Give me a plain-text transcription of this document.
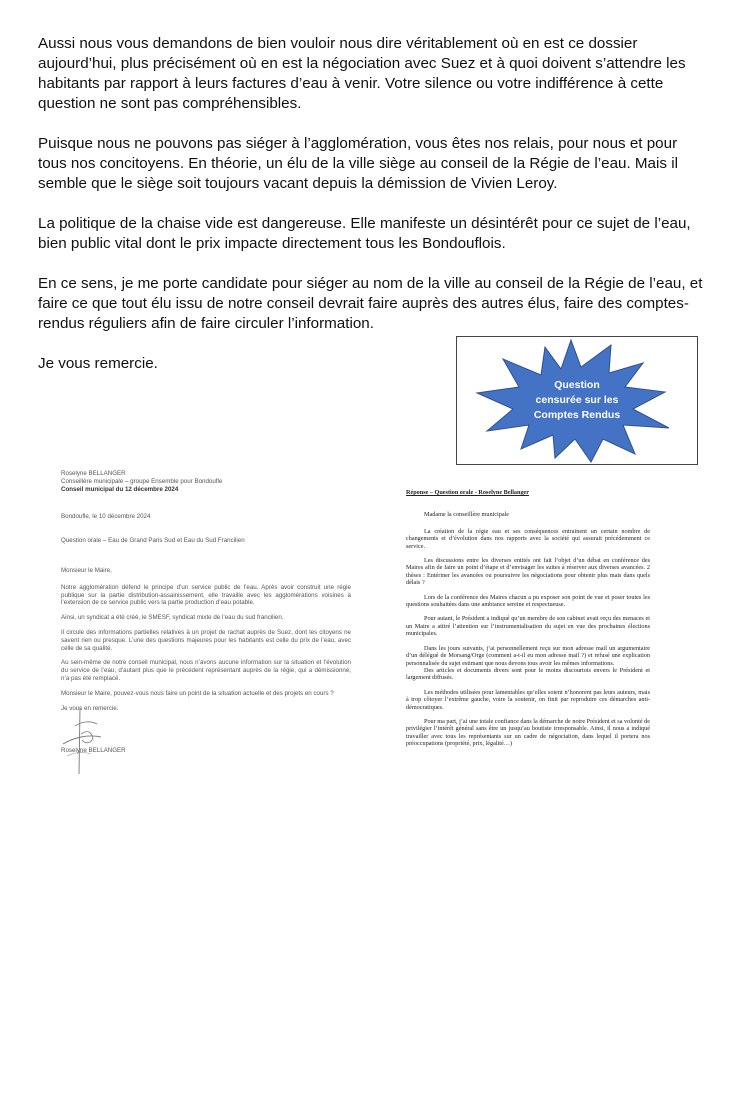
Aussi nous vous demandons de bien vouloir nous dire véritablement où en est ce dossier aujourd’hui, plus précisément où en est la négociation avec Suez et à quoi doivent s’attendre les habitants par rapport à leurs factures d’eau à venir. Votre silence ou votre indifférence à cette question ne sont pas compréhensibles.

Puisque nous ne pouvons pas siéger à l’agglomération, vous êtes nos relais, pour nous et pour tous nos concitoyens. En théorie, un élu de la ville siège au conseil de la Régie de l’eau. Mais il semble que le siège soit toujours vacant depuis la démission de Vivien Leroy.

La politique de la chaise vide est dangereuse. Elle manifeste un désintérêt pour ce sujet de l’eau, bien public vital dont le prix impacte directement tous les Bondouflois.

En ce sens, je me porte candidate pour siéger au nom de la ville au conseil de la Régie de l’eau, et faire ce que tout élu issu de notre conseil devrait faire auprès des autres élus, faire des comptes-rendus réguliers afin de faire circuler l’information.

Je vous remercie.

Question
censurée sur les
Comptes Rendus

Roselyne BELLANGER

Conseillère municipale – groupe Ensemble pour Bondoufle

Conseil municipal du 12 décembre 2024

Bondoufle, le 10 décembre 2024

Question orale – Eau de Grand Paris Sud et Eau du Sud Francilien

Monsieur le Maire,

Notre agglomération défend le principe d’un service public de l’eau. Après avoir construit une régie publique sur la partie distribution-assainissement, elle travaille avec les agglomérations voisines à l’extension de ce service public vers la partie production d’eau potable.

Ainsi, un syndicat a été créé, le SMESF, syndicat mixte de l’eau du sud francilien.

Il circule des informations partielles relatives à un projet de rachat auprès de Suez, dont les citoyens ne savent rien ou presque. L’une des questions majeures pour les habitants est celle du prix de l’eau, avec celle de sa qualité.

Au sein-même de notre conseil municipal, nous n’avons aucune information sur la situation et l’évolution du service de l’eau, d’autant plus que le précédent représentant auprès de la régie, qui a démissionné, n’a pas été remplacé.

Monsieur le Maire, pouvez-vous nous faire un point de la situation actuelle et des projets en cours ?

Je vous en remercie.

Roselyne BELLANGER

Réponse – Question orale - Roselyne Bellanger

Madame la conseillère municipale

La création de la régie eau et ses conséquences entrainent un certain nombre de changements et d’évolution dans nos rapports avec la société qui assurait précédemment ce service.

Les discussions entre les diverses entités ont fait l’objet d’un débat en conférence des Maires afin de faire un point d’étape et d’envisager les suites à réserver aux diverses avancées. 2 thèses : Entériner les avancées ou poursuivre les négociations pour obtenir plus mais dans quels délais ?

Lors de la conférence des Maires chacun a pu exposer son point de vue et poser toutes les questions souhaitées dans une ambiance sereine et respectueuse.

Pour autant, le Président a indiqué qu’un membre de son cabinet avait reçu des menaces et un Maire a attiré l’attention sur l’instrumentalisation du sujet en vue des prochaines élections municipales.

Dans les jours suivants, j’ai personnellement reçu sur mon adresse mail un argumentaire d’un délégué de Morsang/Orge (comment a-t-il eu mon adresse mail ?) et refusé une explication personnalisée du sujet estimant que nous devons tous avoir les mêmes informations.

Des articles et documents divers sont pour le moins discourtois envers le Président et largement diffusés.

Les méthodes utilisées pour lamentables qu’elles soient n’honorent pas leurs auteurs, mais à trop côtoyer l’extrême gauche, voire la soutenir, on finit par reproduire ces démarches anti-démocratiques.

Pour ma part, j’ai une totale confiance dans la démarche de notre Président et sa volonté de privilégier l’intérêt général sans être un jusqu’au boutiste irresponsable. Ainsi, il nous a indiqué travailler avec tous les représentants sur un cadre de négociation, dans lequel il portera nos préoccupations (propriété, prix, légalité…)
